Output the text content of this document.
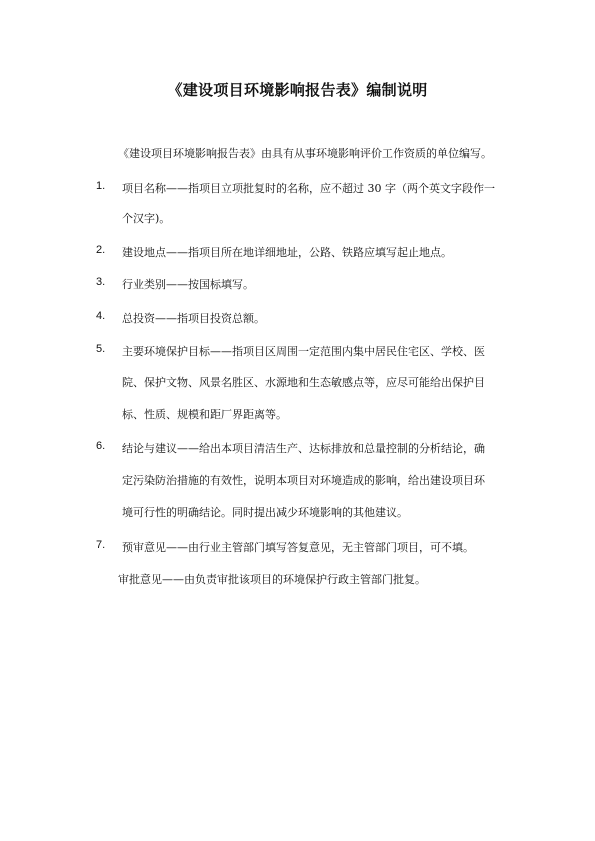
《建设项目环境影响报告表》编制说明
《建设项目环境影响报告表》由具有从事环境影响评价工作资质的单位编写。
1. 项目名称——指项目立项批复时的名称，应不超过 30 字（两个英文字段作一
个汉字)。
2. 建设地点——指项目所在地详细地址，公路、铁路应填写起止地点。
3. 行业类别——按国标填写。
4. 总投资——指项目投资总额。
5. 主要环境保护目标——指项目区周围一定范围内集中居民住宅区、学校、医
院、保护文物、风景名胜区、水源地和生态敏感点等，应尽可能给出保护目
标、性质、规模和距厂界距离等。
6. 结论与建议——给出本项目清洁生产、达标排放和总量控制的分析结论，确
定污染防治措施的有效性，说明本项目对环境造成的影响，给出建设项目环
境可行性的明确结论。同时提出减少环境影响的其他建议。
7. 预审意见——由行业主管部门填写答复意见，无主管部门项目，可不填。
审批意见——由负责审批该项目的环境保护行政主管部门批复。
